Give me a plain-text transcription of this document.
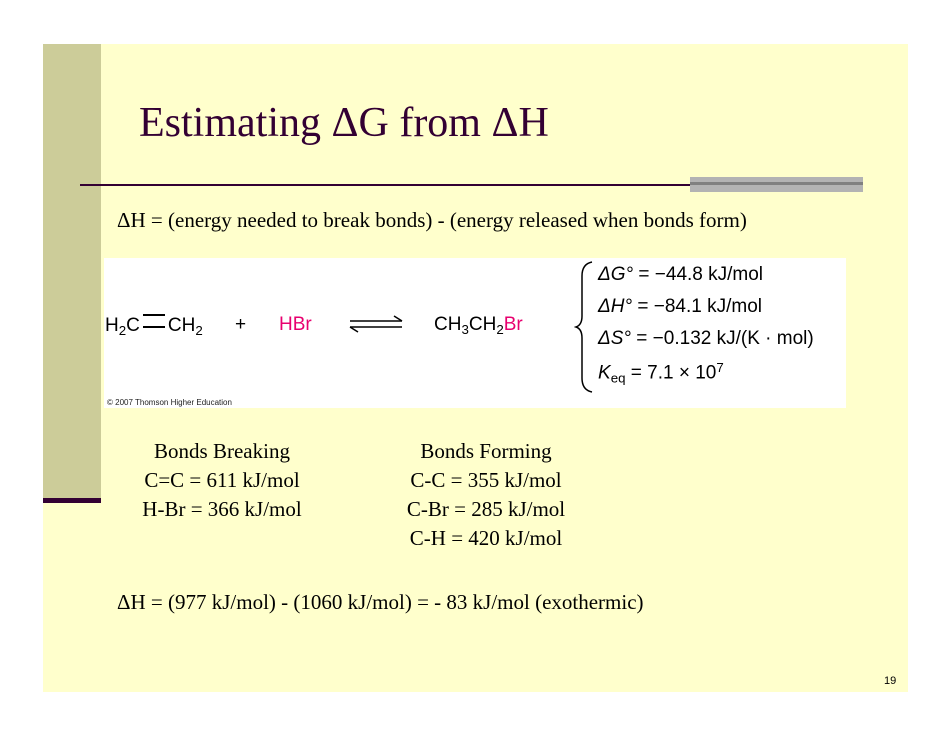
Estimating ΔG from ΔH
ΔH = (energy needed to break bonds) - (energy released when bonds form)
$H_2C$ $CH_2$ + HBr	$CH_3CH_2Br$
ΔG° = −44.8 kJ/mol
ΔH° = −84.1 kJ/mol
ΔS° = −0.132 kJ/(K · mol)
$K_{eq} = 7.1 \times 10^7$
© 2007 Thomson Higher Education
Bonds Breaking
C=C = 611 kJ/mol
H-Br = 366 kJ/mol
Bonds Forming
C-C = 355 kJ/mol
C-Br = 285 kJ/mol
C-H = 420 kJ/mol
ΔH = (977 kJ/mol) - (1060 kJ/mol) = - 83 kJ/mol (exothermic)
19
